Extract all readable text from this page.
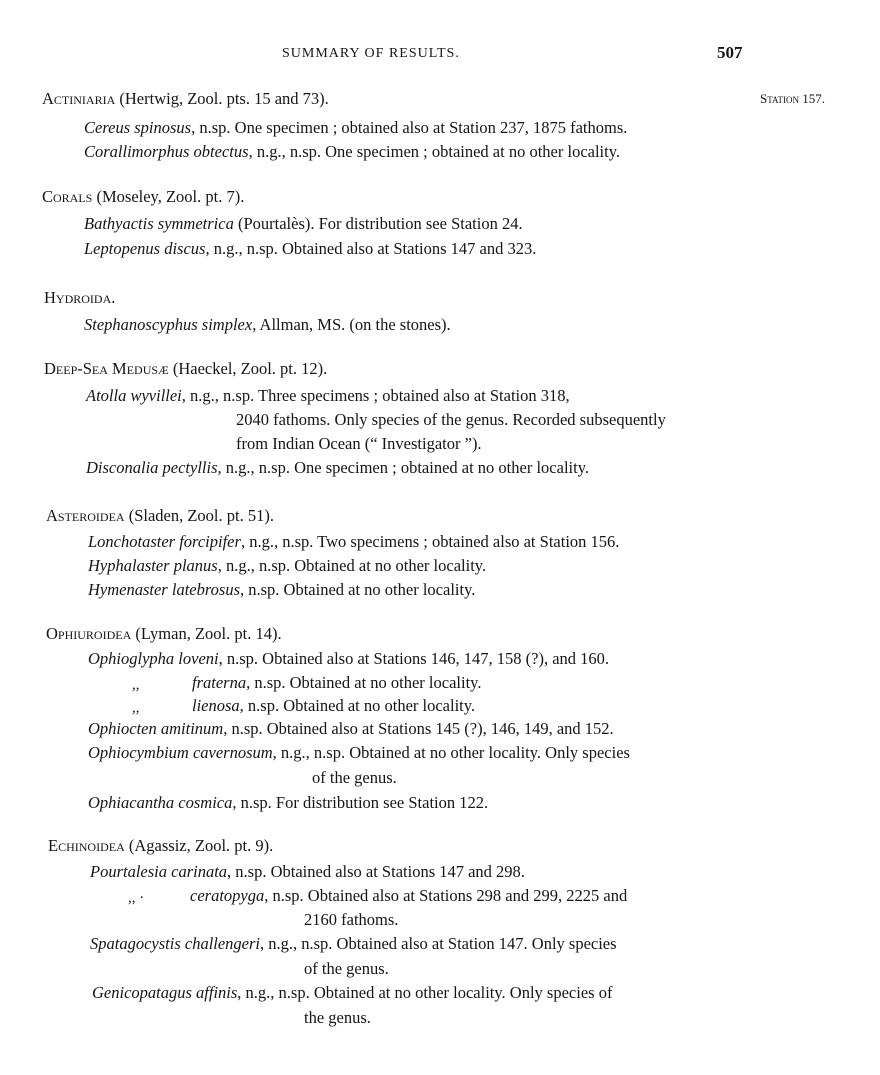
SUMMARY OF RESULTS.	507
Station 157.
Actiniaria (Hertwig, Zool. pts. 15 and 73).
Cereus spinosus, n.sp. One specimen ; obtained also at Station 237, 1875 fathoms.
Corallimorphus obtectus, n.g., n.sp. One specimen ; obtained at no other locality.
Corals (Moseley, Zool. pt. 7).
Bathyactis symmetrica (Pourtalès). For distribution see Station 24.
Leptopenus discus, n.g., n.sp. Obtained also at Stations 147 and 323.
Hydroida.
Stephanoscyphus simplex, Allman, MS. (on the stones).
Deep-Sea Medusæ (Haeckel, Zool. pt. 12).
Atolla wyvillei, n.g., n.sp. Three specimens ; obtained also at Station 318,
2040 fathoms. Only species of the genus. Recorded subsequently
from Indian Ocean (“ Investigator ”).
Disconalia pectyllis, n.g., n.sp. One specimen ; obtained at no other locality.
Asteroidea (Sladen, Zool. pt. 51).
Lonchotaster forcipifer, n.g., n.sp. Two specimens ; obtained also at Station 156.
Hyphalaster planus, n.g., n.sp. Obtained at no other locality.
Hymenaster latebrosus, n.sp. Obtained at no other locality.
Ophiuroidea (Lyman, Zool. pt. 14).
Ophioglypha loveni, n.sp. Obtained also at Stations 146, 147, 158 (?), and 160.
,,	fraterna, n.sp. Obtained at no other locality.
,,	lienosa, n.sp. Obtained at no other locality.
Ophiocten amitinum, n.sp. Obtained also at Stations 145 (?), 146, 149, and 152.
Ophiocymbium cavernosum, n.g., n.sp. Obtained at no other locality. Only species
of the genus.
Ophiacantha cosmica, n.sp. For distribution see Station 122.
Echinoidea (Agassiz, Zool. pt. 9).
Pourtalesia carinata, n.sp. Obtained also at Stations 147 and 298.
,, ·	ceratopyga, n.sp. Obtained also at Stations 298 and 299, 2225 and
2160 fathoms.
Spatagocystis challengeri, n.g., n.sp. Obtained also at Station 147. Only species
of the genus.
Genicopatagus affinis, n.g., n.sp. Obtained at no other locality. Only species of
the genus.
